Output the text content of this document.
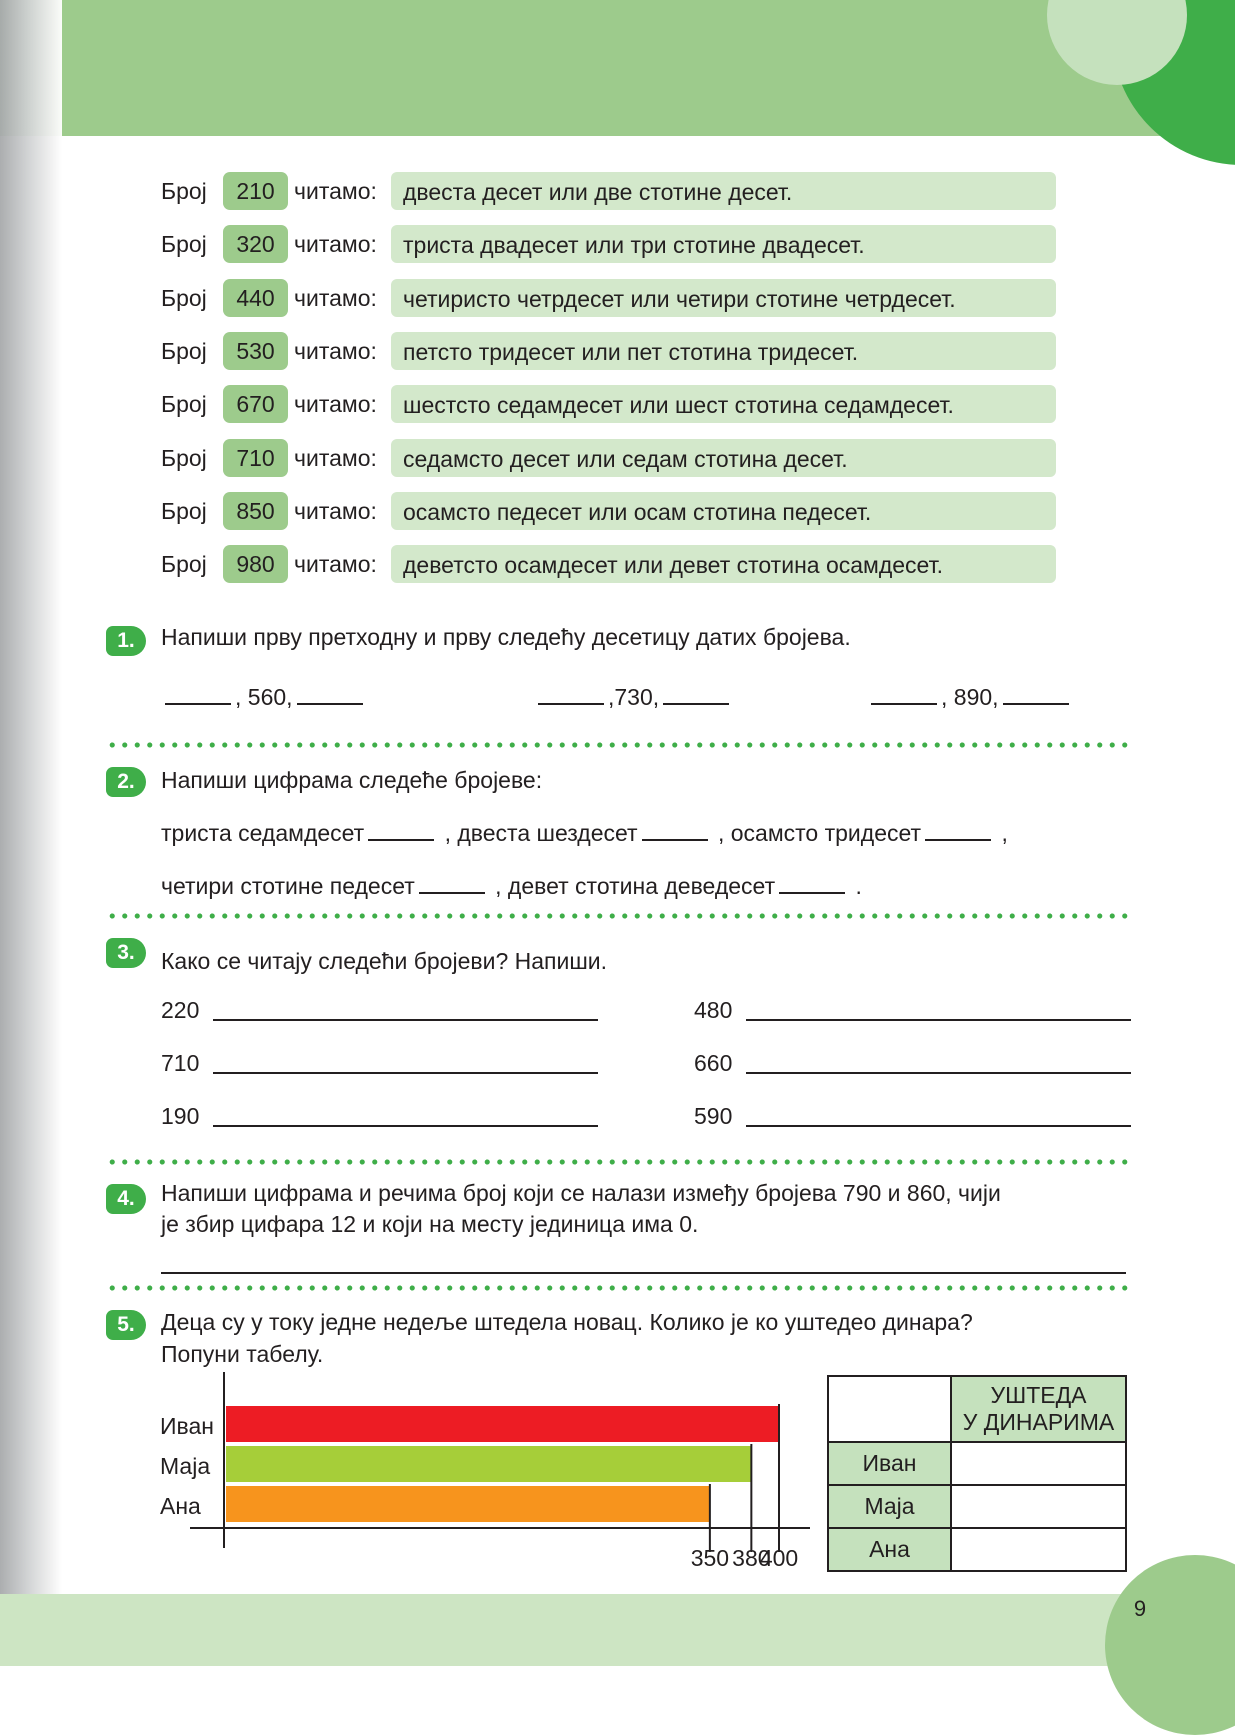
9
Број	210 читамо:	двеста десет или две стотине десет.
Број	320 читамо:	триста двадесет или три стотине двадесет.
Број	440 читамо:	четиристо четрдесет или четири стотине четрдесет.
Број	530 читамо:	петсто тридесет или пет стотина тридесет.
Број	670 читамо:	шестсто седамдесет или шест стотина седамдесет.
Број	710 читамо:	седамсто десет или седам стотина десет.
Број	850 читамо:	осамсто педесет или осам стотина педесет.
Број	980 читамо:	деветсто осамдесет или девет стотина осамдесет.
1.	Напиши прву претходну и прву следећу десетицу датих бројева.
, 560,	,730,	, 890,
2.	Напиши цифрама следеће бројеве:
триста седамдесет	, двеста шездесет	, осамсто тридесет	,
четири стотине педесет	, девет стотина деведесет	.
3.	Како се читају следећи бројеви? Напиши.
220
710
190
480
660
590
4.	Напиши цифрама и речима број који се налази између бројева 790 и 860, чији
је збир цифара 12 и који на месту јединица има 0.
5.	Деца су у току једне недеље штедела новац. Колико је ко уштедео динара?
Попуни табелу.
Иван
Маја
Ана
350 380
400
	УШТЕДА
У ДИНАРИМА
Иван	
Маја	
Ана	
